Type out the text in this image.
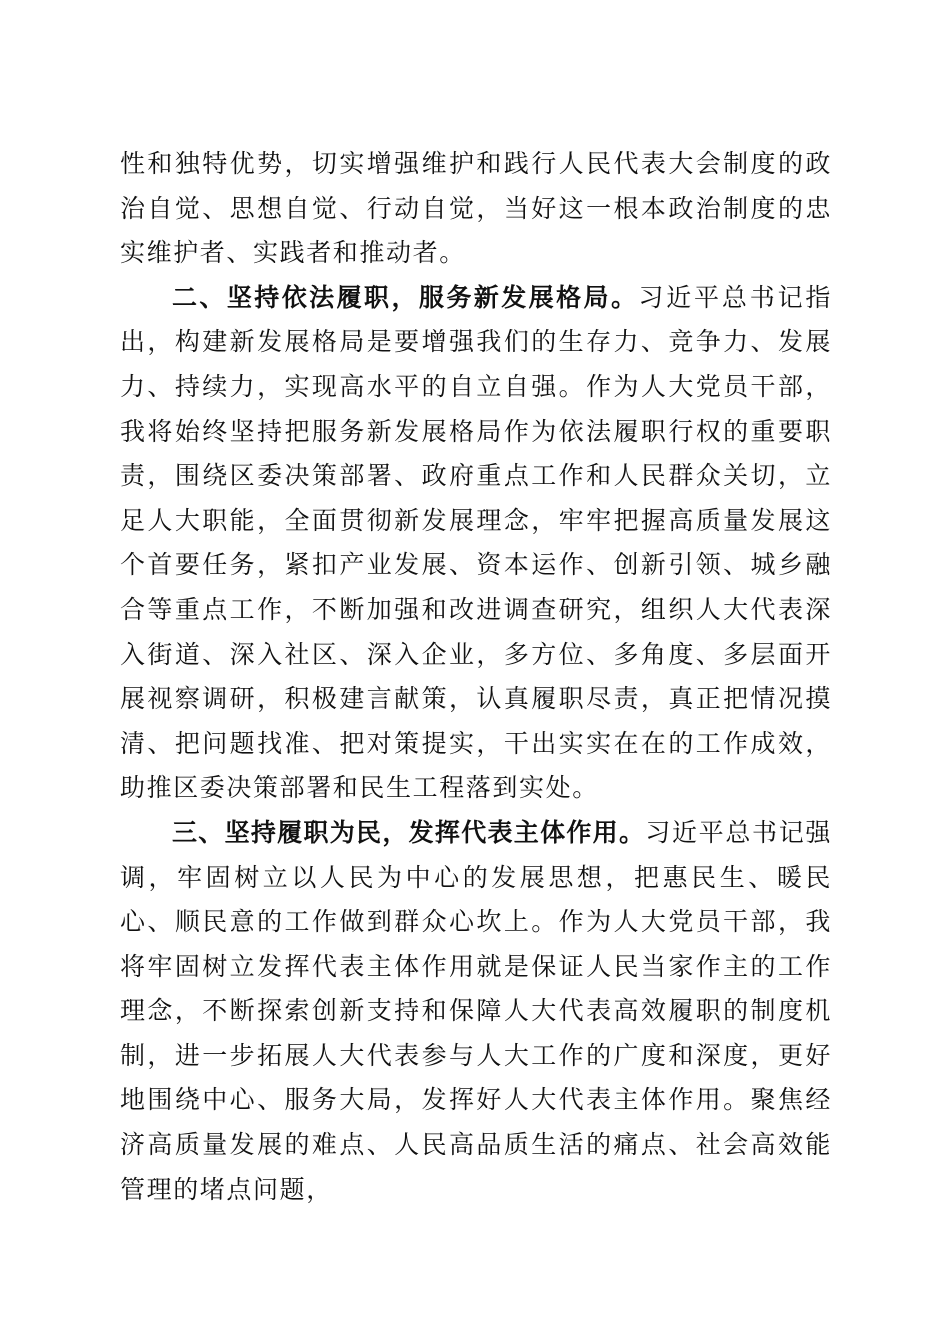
性和独特优势，切实增强维护和践行人民代表大会制度的政治自觉、思想自觉、行动自觉，当好这一根本政治制度的忠实维护者、实践者和推动者。

二、坚持依法履职，服务新发展格局。习近平总书记指出，构建新发展格局是要增强我们的生存力、竞争力、发展力、持续力，实现高水平的自立自强。作为人大党员干部，我将始终坚持把服务新发展格局作为依法履职行权的重要职责，围绕区委决策部署、政府重点工作和人民群众关切，立足人大职能，全面贯彻新发展理念，牢牢把握高质量发展这个首要任务，紧扣产业发展、资本运作、创新引领、城乡融合等重点工作，不断加强和改进调查研究，组织人大代表深入街道、深入社区、深入企业，多方位、多角度、多层面开展视察调研，积极建言献策，认真履职尽责，真正把情况摸清、把问题找准、把对策提实，干出实实在在的工作成效，助推区委决策部署和民生工程落到实处。

三、坚持履职为民，发挥代表主体作用。习近平总书记强调，牢固树立以人民为中心的发展思想，把惠民生、暖民心、顺民意的工作做到群众心坎上。作为人大党员干部，我将牢固树立发挥代表主体作用就是保证人民当家作主的工作理念，不断探索创新支持和保障人大代表高效履职的制度机制，进一步拓展人大代表参与人大工作的广度和深度，更好地围绕中心、服务大局，发挥好人大代表主体作用。聚焦经济高质量发展的难点、人民高品质生活的痛点、社会高效能管理的堵点问题，
